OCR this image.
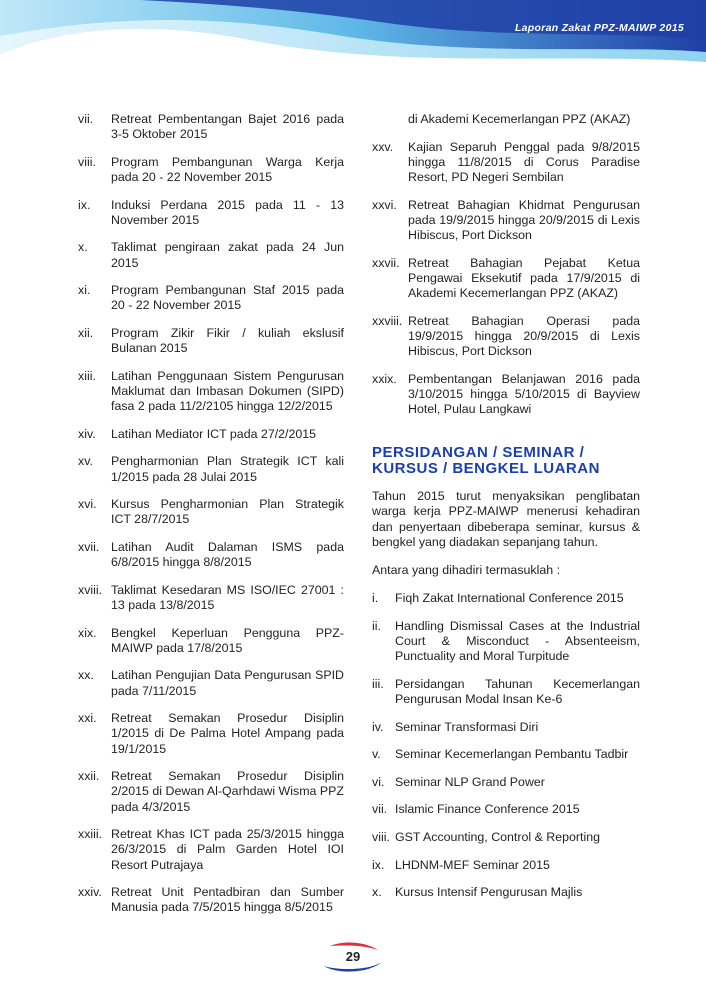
Laporan Zakat PPZ-MAIWP 2015
vii.	Retreat Pembentangan Bajet 2016 pada 3-5 Oktober 2015
viii.	Program Pembangunan Warga Kerja pada 20 - 22 November 2015
ix.	Induksi Perdana 2015 pada 11 - 13 November 2015
x.	Taklimat pengiraan zakat pada 24 Jun 2015
xi.	Program Pembangunan Staf 2015 pada 20 - 22 November 2015
xii.	Program Zikir Fikir / kuliah ekslusif Bulanan 2015
xiii.	Latihan Penggunaan Sistem Pengurusan Maklumat dan Imbasan Dokumen (SIPD) fasa 2 pada 11/2/2105 hingga 12/2/2015
xiv.	Latihan Mediator ICT pada 27/2/2015
xv.	Pengharmonian Plan Strategik ICT kali 1/2015 pada 28 Julai 2015
xvi.	Kursus Pengharmonian Plan Strategik ICT 28/7/2015
xvii. Latihan Audit Dalaman ISMS pada 6/8/2015 hingga 8/8/2015
xviii. Taklimat Kesedaran MS ISO/IEC 27001 : 13 pada 13/8/2015
xix.	Bengkel Keperluan Pengguna PPZ-MAIWP pada 17/8/2015
xx.	Latihan Pengujian Data Pengurusan SPID pada 7/11/2015
xxi.	Retreat Semakan Prosedur Disiplin 1/2015 di De Palma Hotel Ampang pada 19/1/2015
xxii. Retreat Semakan Prosedur Disiplin 2/2015 di Dewan Al-Qarhdawi Wisma PPZ pada 4/3/2015
xxiii. Retreat Khas ICT pada 25/3/2015 hingga 26/3/2015 di Palm Garden Hotel IOI Resort Putrajaya
xxiv. Retreat Unit Pentadbiran dan Sumber Manusia pada 7/5/2015 hingga 8/5/2015
di Akademi Kecemerlangan PPZ (AKAZ)
xxv.	Kajian Separuh Penggal pada 9/8/2015 hingga 11/8/2015 di Corus Paradise Resort, PD Negeri Sembilan
xxvi. Retreat Bahagian Khidmat Pengurusan pada 19/9/2015 hingga 20/9/2015 di Lexis Hibiscus, Port Dickson
xxvii. Retreat Bahagian Pejabat Ketua Pengawai Eksekutif pada 17/9/2015 di Akademi Kecemerlangan PPZ (AKAZ)
xxviii. Retreat Bahagian Operasi pada 19/9/2015 hingga 20/9/2015 di Lexis Hibiscus, Port Dickson
xxix. Pembentangan Belanjawan 2016 pada 3/10/2015 hingga 5/10/2015 di Bayview Hotel, Pulau Langkawi
PERSIDANGAN / SEMINAR / KURSUS / BENGKEL LUARAN
Tahun 2015 turut menyaksikan penglibatan warga kerja PPZ-MAIWP menerusi kehadiran dan penyertaan dibeberapa seminar, kursus & bengkel yang diadakan sepanjang tahun.
Antara yang dihadiri termasuklah :
i.	Fiqh Zakat International Conference 2015
ii.	Handling Dismissal Cases at the Industrial Court & Misconduct - Absenteeism, Punctuality and Moral Turpitude
iii. Persidangan Tahunan Kecemerlangan Pengurusan Modal Insan Ke-6
iv. Seminar Transformasi Diri
v.	Seminar Kecemerlangan Pembantu Tadbir
vi. Seminar NLP Grand Power
vii. Islamic Finance Conference 2015
viii. GST Accounting, Control & Reporting
ix. LHDNM-MEF Seminar 2015
x.	Kursus Intensif Pengurusan Majlis
29
